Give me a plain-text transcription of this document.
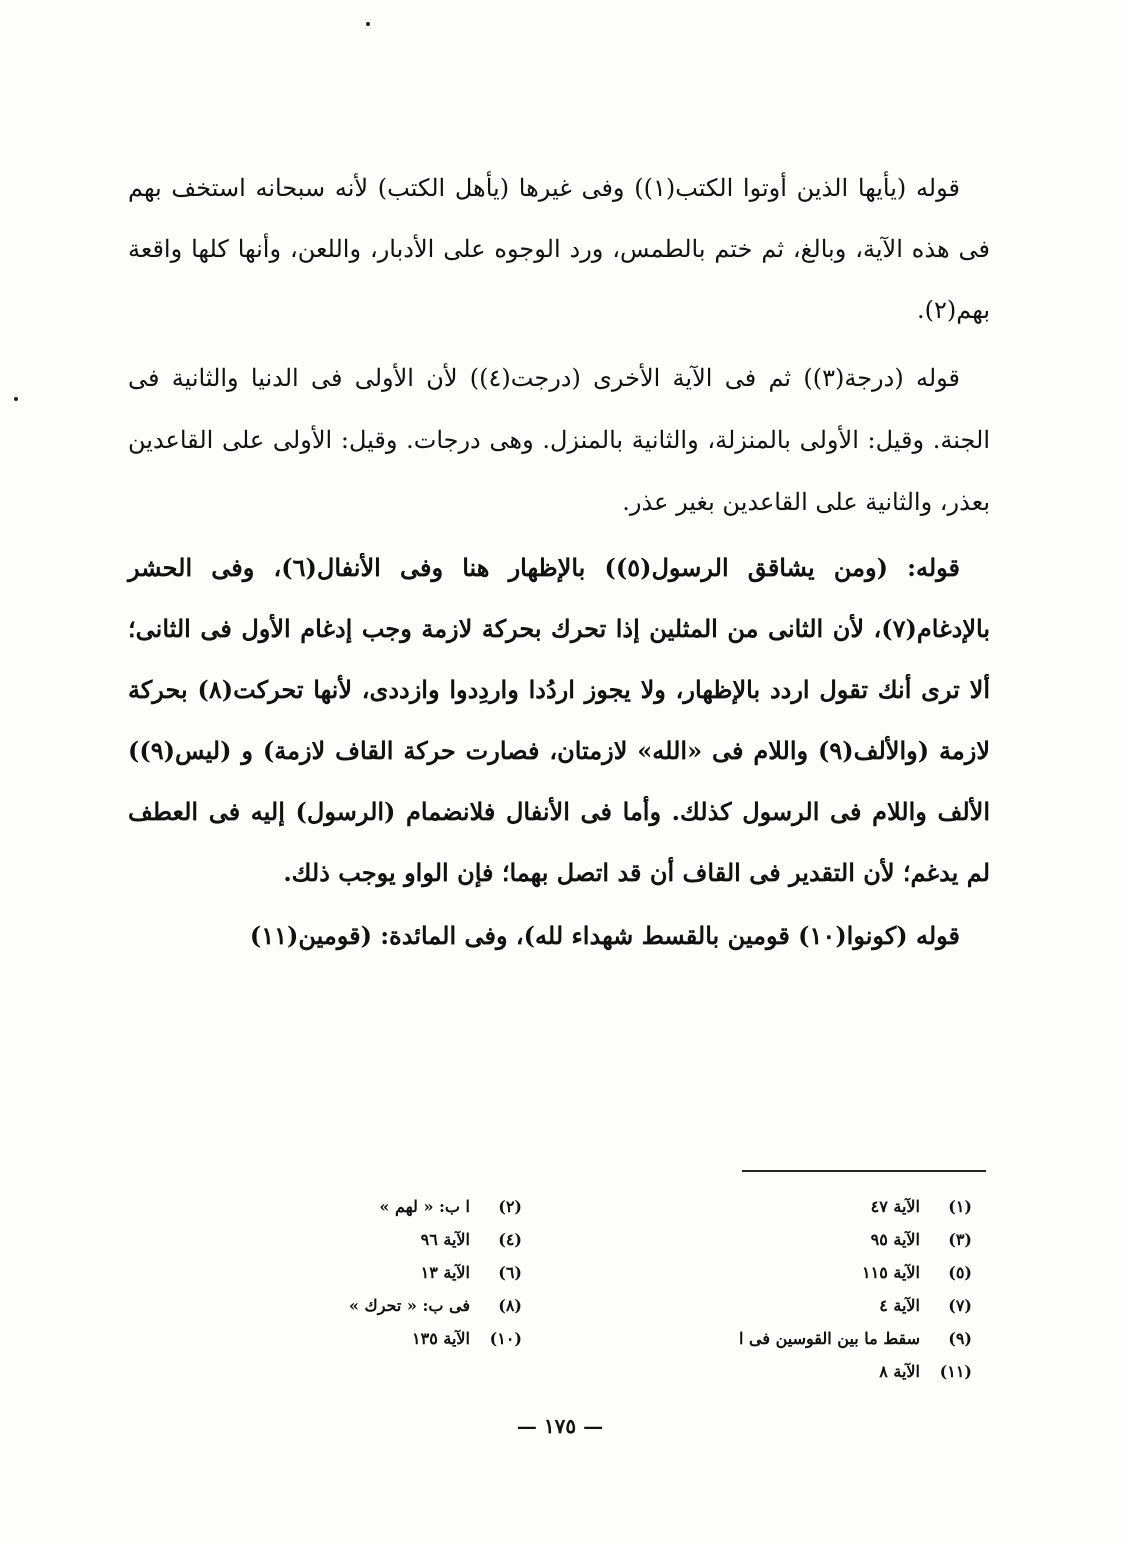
قوله (يأيها الذين أوتوا الكتب(١)) وفى غيرها (يأهل الكتب) لأنه سبحانه استخف بهم فى هذه الآية، وبالغ، ثم ختم بالطمس، ورد الوجوه على الأدبار، واللعن، وأنها كلها واقعة بهم(٢).

قوله (درجة(٣)) ثم فى الآية الأخرى (درجت(٤)) لأن الأولى فى الدنيا والثانية فى الجنة. وقيل: الأولى بالمنزلة، والثانية بالمنزل. وهى درجات. وقيل: الأولى على القاعدين بعذر، والثانية على القاعدين بغير عذر.

قوله: (ومن يشاقق الرسول(٥)) بالإظهار هنا وفى الأنفال(٦)، وفى الحشر بالإدغام(٧)، لأن الثانى من المثلين إذا تحرك بحركة لازمة وجب إدغام الأول فى الثانى؛ ألا ترى أنك تقول اردد بالإظهار، ولا يجوز اردُدا واردِدوا وازددى، لأنها تحركت(٨) بحركة لازمة (والألف(٩) واللام فى «الله» لازمتان، فصارت حركة القاف لازمة) و (ليس(٩)) الألف واللام فى الرسول كذلك. وأما فى الأنفال فلانضمام (الرسول) إليه فى العطف لم يدغم؛ لأن التقدير فى القاف أن قد اتصل بهما؛ فإن الواو يوجب ذلك.

قوله (كونوا(١٠) قومين بالقسط شهداء لله)، وفى المائدة: (قومين(١١)

(١)الآية ٤٧
(٣)الآية ٩٥
(٥)الآية ١١٥
(٧)الآية ٤
(٩)سقط ما بين القوسين فى ا
(١١)الآية ٨
(٢)ا ب: « لهم »
(٤)الآية ٩٦
(٦)الآية ١٣
(٨)فى ب: « تحرك »
(١٠)الآية ١٣٥
— ١٧٥ —
